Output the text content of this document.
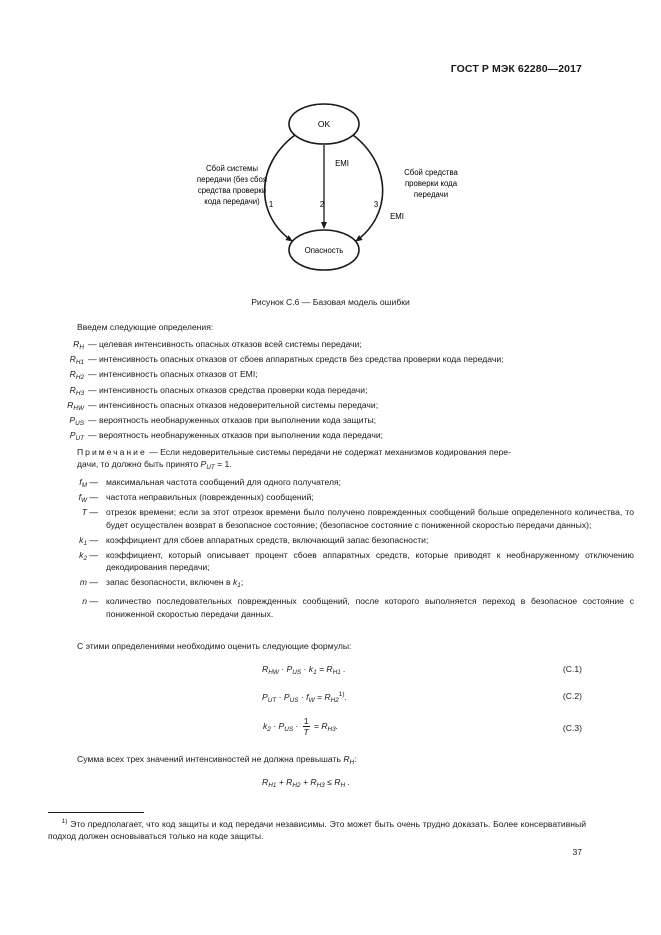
ГОСТ Р МЭК 62280—2017
OK
Опасность
Сбой системы
передачи (без сбоя
средства проверки
кода передачи)
Сбой средства
проверки кода
передачи
EMI
EMI
1	2	3
Рисунок С.6 — Базовая модель ошибки
Введем следующие определения:
$R_H$ — целевая интенсивность опасных отказов всей системы передачи;
$R_{H1}$ — интенсивность опасных отказов от сбоев аппаратных средств без средства проверки кода передачи;
$R_{H2}$ — интенсивность опасных отказов от EMI;
$R_{H3}$ — интенсивность опасных отказов средства проверки кода передачи;
$R_{HW}$ — интенсивность опасных отказов недоверительной системы передачи;
$P_{US}$ — вероятность необнаруженных отказов при выполнении кода защиты;
$P_{UT}$ — вероятность необнаруженных отказов при выполнении кода передачи;
Примечание — Если недоверительные системы передачи не содержат механизмов кодирования пере-
дачи, то должно быть принято $P_{UT} = 1$.
$f_M$ — максимальная частота сообщений для одного получателя;
$f_W$ — частота неправильных (поврежденных) сообщений;
T — отрезок времени; если за этот отрезок времени было получено поврежденных сообщений больше определенного количества, то будет осуществлен возврат в безопасное состояние; (безопасное состояние с пониженной скоростью передачи данных);
$k_1$ — коэффициент для сбоев аппаратных средств, включающий запас безопасности;
$k_2$ — коэффициент, который описывает процент сбоев аппаратных средств, которые приводят к необнаруженному отключению декодирования передачи;
m — запас безопасности, включен в $k_1$;
n — количество последовательных поврежденных сообщений, после которого выполняется переход в безопасное состояние с пониженной скоростью передачи данных.
С этими определениями необходимо оценить следующие формулы:
$R_{HW} \cdot P_{US} \cdot k_1 = R_{H1}$ .	(C.1)
$P_{UT} \cdot P_{US} \cdot f_W = R_{H2}^{1)}$.	(C.2)
$k_2 \cdot P_{US} \cdot \frac{1}{T} = R_{H3}$.	(C.3)
Сумма всех трех значений интенсивностей не должна превышать $R_H$:
$R_{H1} + R_{H2} + R_{H3} \le R_H$ .
$^{1)}$ Это предполагает, что код защиты и код передачи независимы. Это может быть очень трудно доказать. Более консервативный подход должен основываться только на коде защиты.
37
